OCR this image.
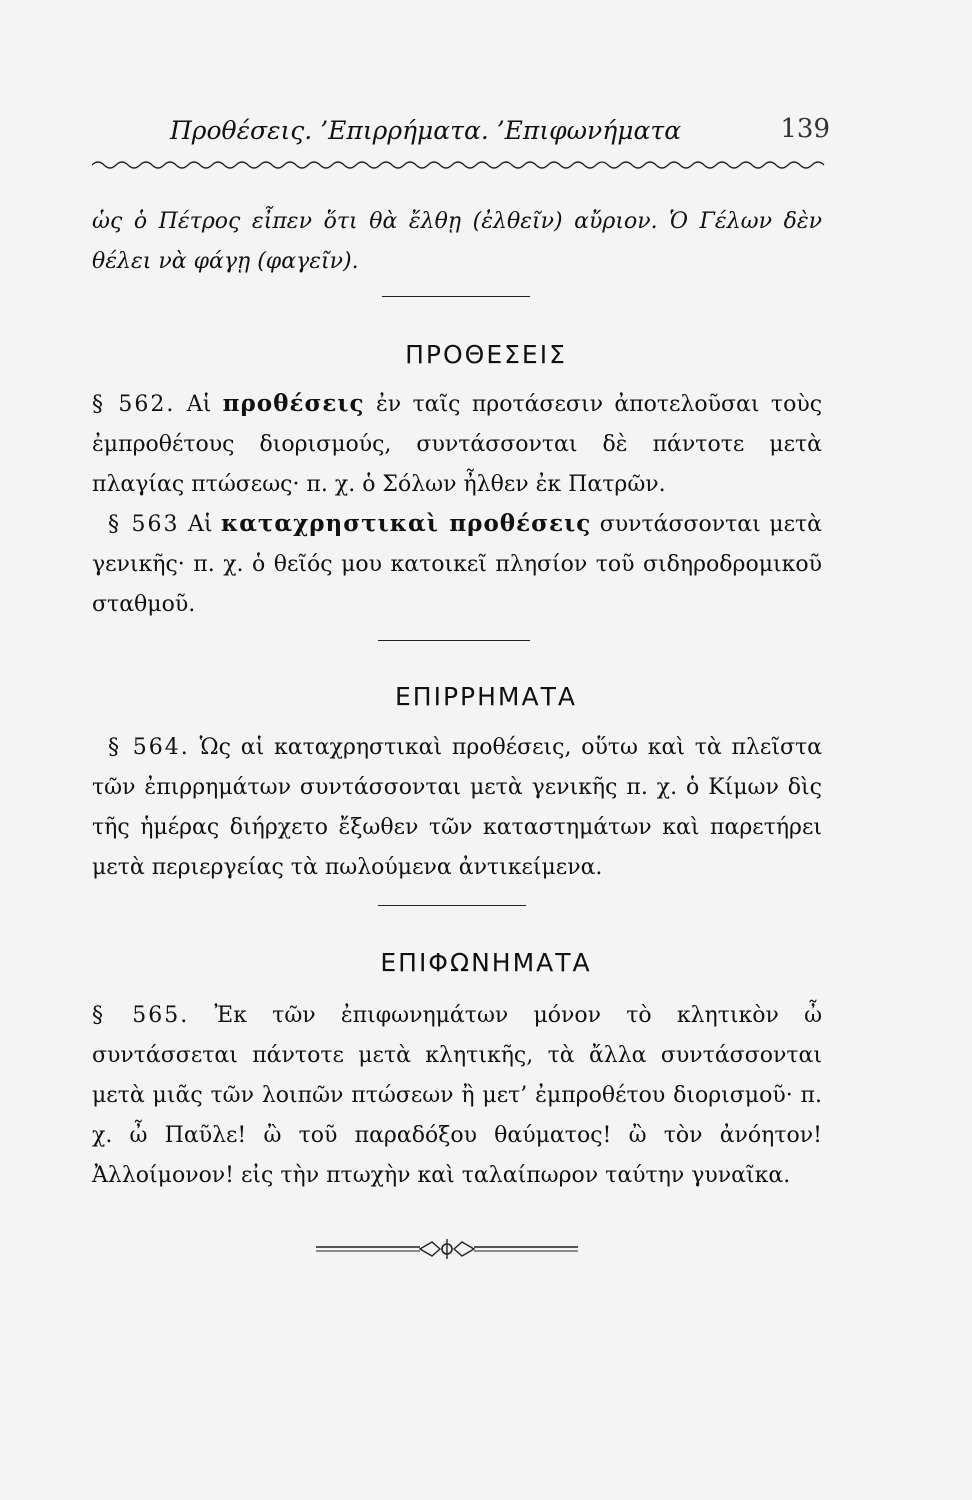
Προθέσεις. ’Επιρρήματα. ’Επιφωνήματα	139

ὡς ὁ Πέτρος εἶπεν ὅτι θὰ ἔλθῃ (ἐλθεῖν) αὔριον. Ὁ Γέλων δὲν θέλει νὰ φάγῃ (φαγεῖν).

ΠΡΟΘΕΣΕΙΣ

§ 562. Αἱ προθέσεις ἐν ταῖς προτάσεσιν ἀποτελοῦσαι τοὺς ἐμπροθέτους διορισμούς, συντάσσονται δὲ πάντοτε μετὰ πλαγίας πτώσεως· π. χ. ὁ Σόλων ἦλθεν ἐκ Πατρῶν.

§ 563 Αἱ καταχρηστικαὶ προθέσεις συντάσσονται μετὰ γενικῆς· π. χ. ὁ θεῖός μου κατοικεῖ πλησίον τοῦ σιδηροδρομικοῦ σταθμοῦ.

ΕΠΙΡΡΗΜΑΤΑ

§ 564. Ὡς αἱ καταχρηστικαὶ προθέσεις, οὕτω καὶ τὰ πλεῖστα τῶν ἐπιρρημάτων συντάσσονται μετὰ γενικῆς π. χ. ὁ Κίμων δὶς τῆς ἡμέρας διήρχετο ἔξωθεν τῶν καταστημάτων καὶ παρετήρει μετὰ περιεργείας τὰ πωλούμενα ἀντικείμενα.

ΕΠΙΦΩΝΗΜΑΤΑ

§ 565. Ἐκ τῶν ἐπιφωνημάτων μόνον τὸ κλητικὸν ὦ συντάσσεται πάντοτε μετὰ κλητικῆς, τὰ ἄλλα συντάσσονται μετὰ μιᾶς τῶν λοιπῶν πτώσεων ἢ μετ’ ἐμπροθέτου διορισμοῦ· π. χ. ὦ Παῦλε! ὢ τοῦ παραδόξου θαύματος! ὢ τὸν ἀνόητον! Ἀλλοίμονον! εἰς τὴν πτωχὴν καὶ ταλαίπωρον ταύτην γυναῖκα.
